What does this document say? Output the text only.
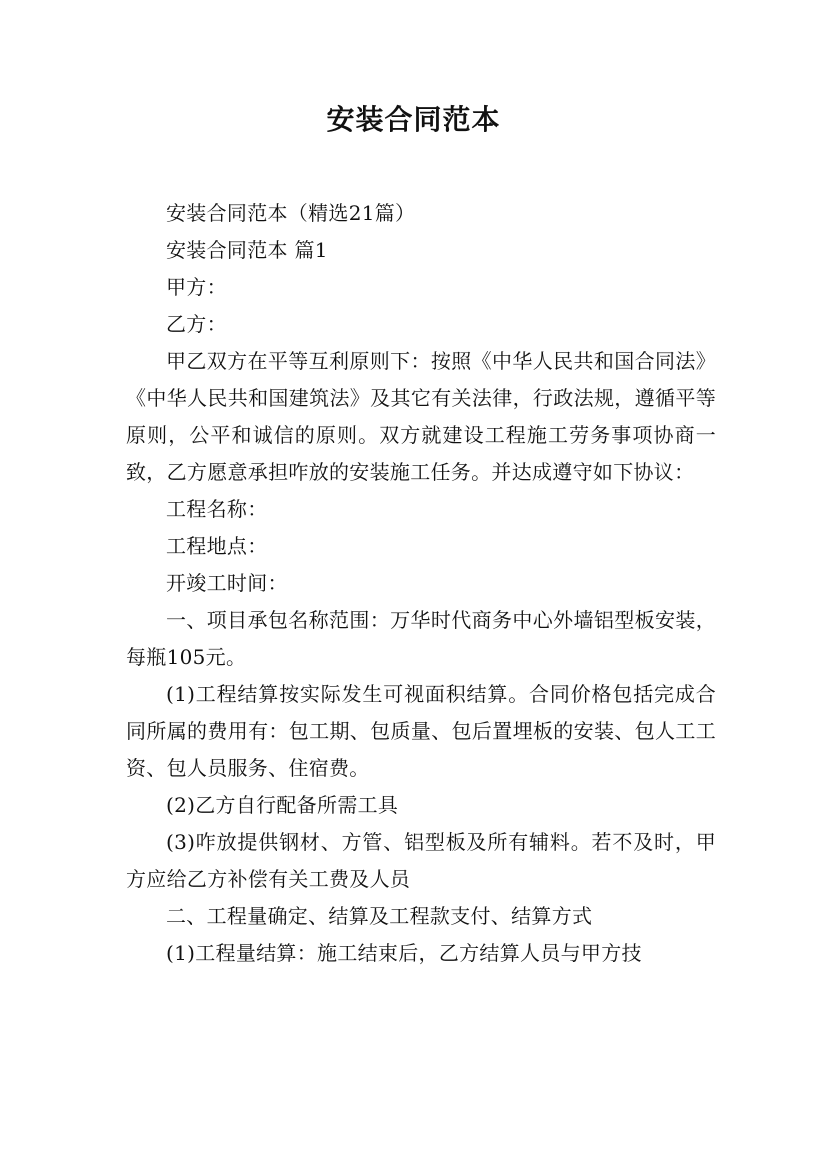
安装合同范本

安装合同范本（精选21篇）

安装合同范本 篇1

甲方：

乙方：

甲乙双方在平等互利原则下：按照《中华人民共和国合同法》《中华人民共和国建筑法》及其它有关法律，行政法规，遵循平等原则，公平和诚信的原则。双方就建设工程施工劳务事项协商一致，乙方愿意承担咋放的安装施工任务。并达成遵守如下协议：

工程名称：

工程地点：

开竣工时间：

一、项目承包名称范围：万华时代商务中心外墙铝型板安装，每瓶105元。

(1)工程结算按实际发生可视面积结算。合同价格包括完成合同所属的费用有：包工期、包质量、包后置埋板的安装、包人工工资、包人员服务、住宿费。

(2)乙方自行配备所需工具

(3)咋放提供钢材、方管、铝型板及所有辅料。若不及时，甲方应给乙方补偿有关工费及人员

二、工程量确定、结算及工程款支付、结算方式

(1)工程量结算：施工结束后，乙方结算人员与甲方技
